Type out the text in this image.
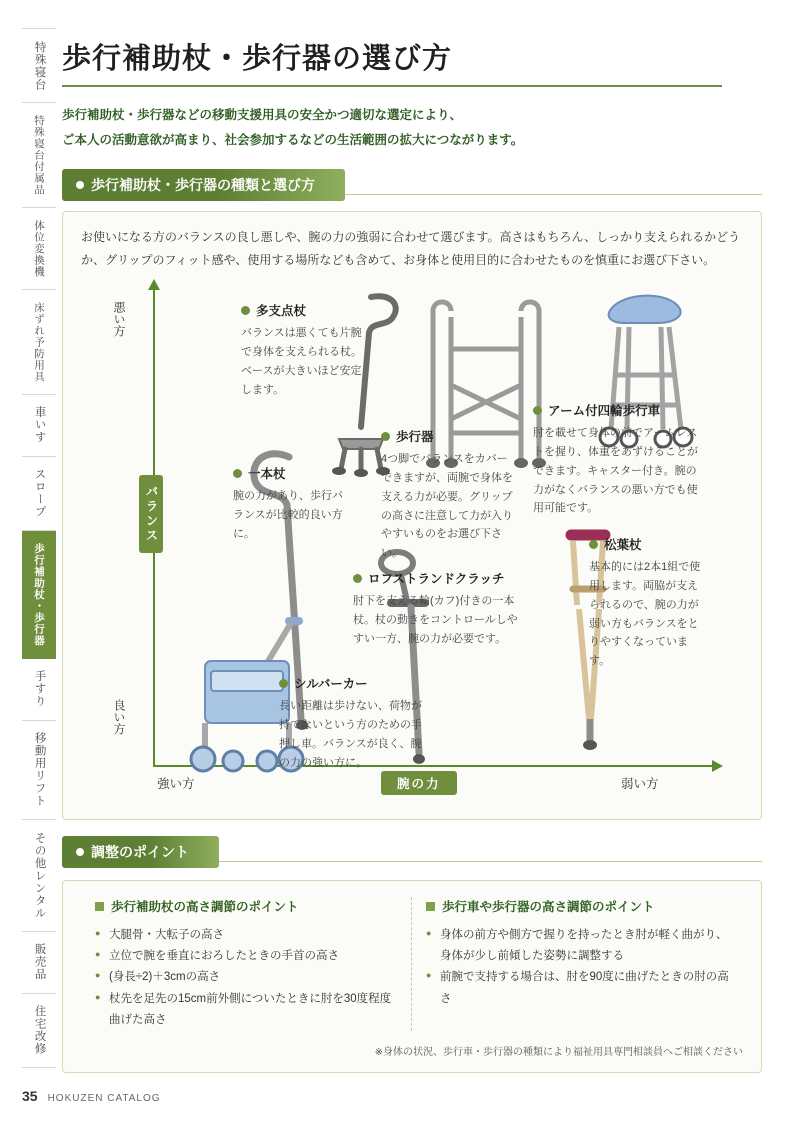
特殊寝台
特殊寝台付属品
体位変換機
床ずれ予防用具
車いす
スロープ
歩行補助杖・歩行器
手すり
移動用リフト
その他レンタル
販売品
住宅改修
歩行補助杖・歩行器の選び方
歩行補助杖・歩行器などの移動支援用具の安全かつ適切な選定により、
ご本人の活動意欲が高まり、社会参加するなどの生活範囲の拡大につながります。
歩行補助杖・歩行器の種類と選び方
お使いになる方のバランスの良し悪しや、腕の力の強弱に合わせて選びます。高さはもちろん、しっかり支えられるかどうか、グリップのフィット感や、使用する場所なども含めて、お身体と使用目的に合わせたものを慎重にお選び下さい。
悪い方
良い方
バランス
強い方	弱い方
腕の力
多支点杖
バランスは悪くても片腕で身体を支えられる杖。ベースが大きいほど安定します。
一本杖
腕の力があり、歩行バランスが比較的良い方に。
歩行器
4つ脚でバランスをカバーできますが、両腕で身体を支える力が必要。グリップの高さに注意して力が入りやすいものをお選び下さい。
ロフストランドクラッチ
肘下を支える輪(カフ)付きの一本杖。杖の動きをコントロールしやすい一方、腕の力が必要です。
シルバーカー
長い距離は歩けない、荷物が持てないという方のための手押し車。バランスが良く、腕の力の強い方に。
アーム付四輪歩行車
肘を載せて身体の前でアームレストを握り、体重をあずけることができます。キャスター付き。腕の力がなくバランスの悪い方でも使用可能です。
松葉杖
基本的には2本1組で使用します。両脇が支えられるので、腕の力が弱い方もバランスをとりやすくなっています。
調整のポイント
歩行補助杖の高さ調節のポイント
● 大腿骨・大転子の高さ
● 立位で腕を垂直におろしたときの手首の高さ
● (身長÷2)＋3cmの高さ
● 杖先を足先の15cm前外側についたときに肘を30度程度曲げた高さ
歩行車や歩行器の高さ調節のポイント
● 身体の前方や側方で握りを持ったとき肘が軽く曲がり、身体が少し前傾した姿勢に調整する
● 前腕で支持する場合は、肘を90度に曲げたときの肘の高さ
※身体の状況、歩行車・歩行器の種類により福祉用具専門相談員へご相談ください
35 HOKUZEN CATALOG
